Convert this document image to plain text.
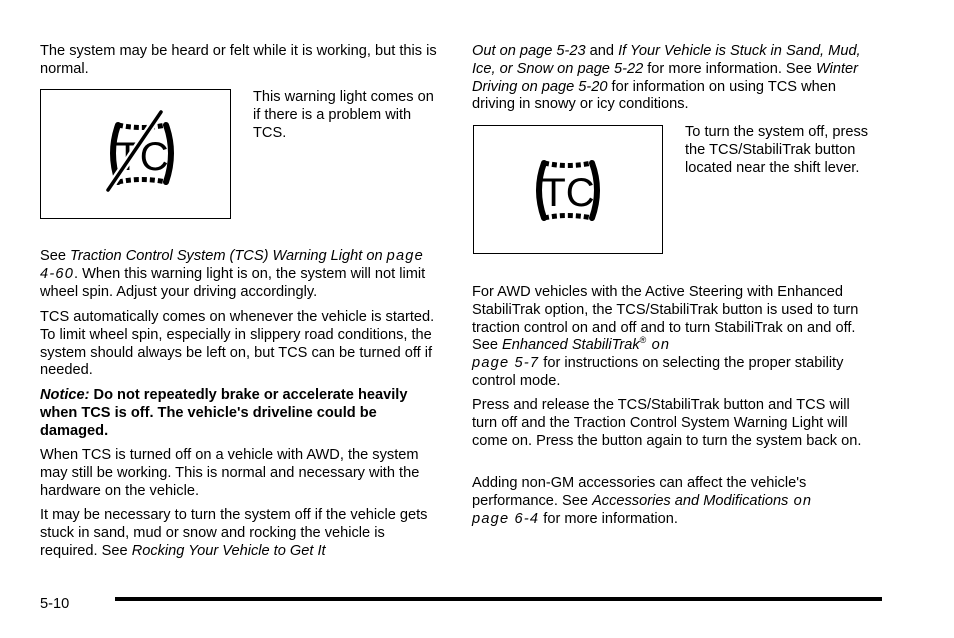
The system may be heard or felt while it is working, but this is normal.

TC

This warning light comes on if there is a problem with TCS.

See Traction Control System (TCS) Warning Light on page 4-60. When this warning light is on, the system will not limit wheel spin. Adjust your driving accordingly.

TCS automatically comes on whenever the vehicle is started. To limit wheel spin, especially in slippery road conditions, the system should always be left on, but TCS can be turned off if needed.

Notice: Do not repeatedly brake or accelerate heavily when TCS is off. The vehicle's driveline could be damaged.

When TCS is turned off on a vehicle with AWD, the system may still be working. This is normal and necessary with the hardware on the vehicle.

It may be necessary to turn the system off if the vehicle gets stuck in sand, mud or snow and rocking the vehicle is required. See Rocking Your Vehicle to Get It

Out on page 5-23 and If Your Vehicle is Stuck in Sand, Mud, Ice, or Snow on page 5-22 for more information. See Winter Driving on page 5-20 for information on using TCS when driving in snowy or icy conditions.

TC

To turn the system off, press the TCS/StabiliTrak button located near the shift lever.

For AWD vehicles with the Active Steering with Enhanced StabiliTrak option, the TCS/StabiliTrak button is used to turn traction control on and off and to turn StabiliTrak on and off. See Enhanced StabiliTrak® on
page 5-7 for instructions on selecting the proper stability control mode.

Press and release the TCS/StabiliTrak button and TCS will turn off and the Traction Control System Warning Light will come on. Press the button again to turn the system back on.

Adding non-GM accessories can affect the vehicle's performance. See Accessories and Modifications on
page 6-4 for more information.

5-10
